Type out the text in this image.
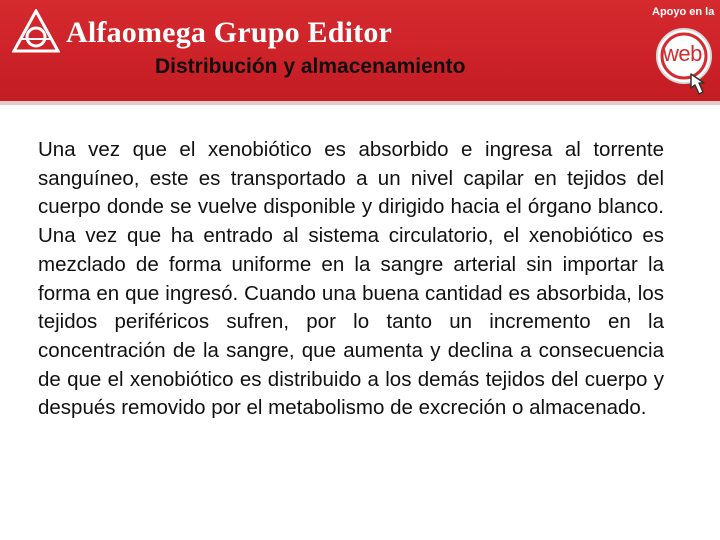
Alfaomega Grupo Editor
Distribución y almacenamiento
Apoyo en la
web

Una vez que el xenobiótico es absorbido e ingresa al torrente sanguíneo, este es transportado a un nivel capilar en tejidos del cuerpo donde se vuelve disponible y dirigido hacia el órgano blanco. Una vez que ha entrado al sistema circulatorio, el xenobiótico es mezclado de forma uniforme en la sangre arterial sin importar la forma en que ingresó. Cuando una buena cantidad es absorbida, los tejidos periféricos sufren, por lo tanto un incremento en la concentración de la sangre, que aumenta y declina a consecuencia de que el xenobiótico es distribuido a los demás tejidos del cuerpo y después removido por el metabolismo de excreción o almacenado.
